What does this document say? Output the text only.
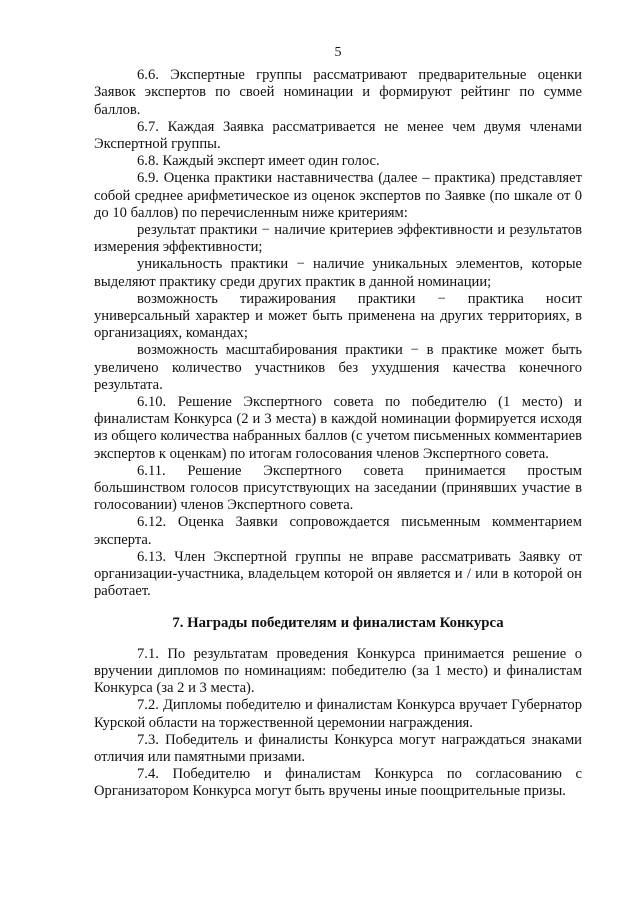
5

6.6. Экспертные группы рассматривают предварительные оценки Заявок экспертов по своей номинации и формируют рейтинг по сумме баллов.

6.7. Каждая Заявка рассматривается не менее чем двумя членами Экспертной группы.

6.8. Каждый эксперт имеет один голос.

6.9. Оценка практики наставничества (далее – практика) представляет собой среднее арифметическое из оценок экспертов по Заявке (по шкале от 0 до 10 баллов) по перечисленным ниже критериям:

результат практики − наличие критериев эффективности и результатов измерения эффективности;

уникальность практики − наличие уникальных элементов, которые выделяют практику среди других практик в данной номинации;

возможность тиражирования практики − практика носит универсальный характер и может быть применена на других территориях, в организациях, командах;

возможность масштабирования практики − в практике может быть увеличено количество участников без ухудшения качества конечного результата.

6.10. Решение Экспертного совета по победителю (1 место) и финалистам Конкурса (2 и 3 места) в каждой номинации формируется исходя из общего количества набранных баллов (с учетом письменных комментариев экспертов к оценкам) по итогам голосования членов Экспертного совета.

6.11. Решение Экспертного совета принимается простым большинством голосов присутствующих на заседании (принявших участие в голосовании) членов Экспертного совета.

6.12. Оценка Заявки сопровождается письменным комментарием эксперта.

6.13. Член Экспертной группы не вправе рассматривать Заявку от организации-участника, владельцем которой он является и / или в которой он работает.

7. Награды победителям и финалистам Конкурса

7.1. По результатам проведения Конкурса принимается решение о вручении дипломов по номинациям: победителю (за 1 место) и финалистам Конкурса (за 2 и 3 места).

7.2. Дипломы победителю и финалистам Конкурса вручает Губернатор Курской области на торжественной церемонии награждения.

7.3. Победитель и финалисты Конкурса могут награждаться знаками отличия или памятными призами.

7.4. Победителю и финалистам Конкурса по согласованию с Организатором Конкурса могут быть вручены иные поощрительные призы.
